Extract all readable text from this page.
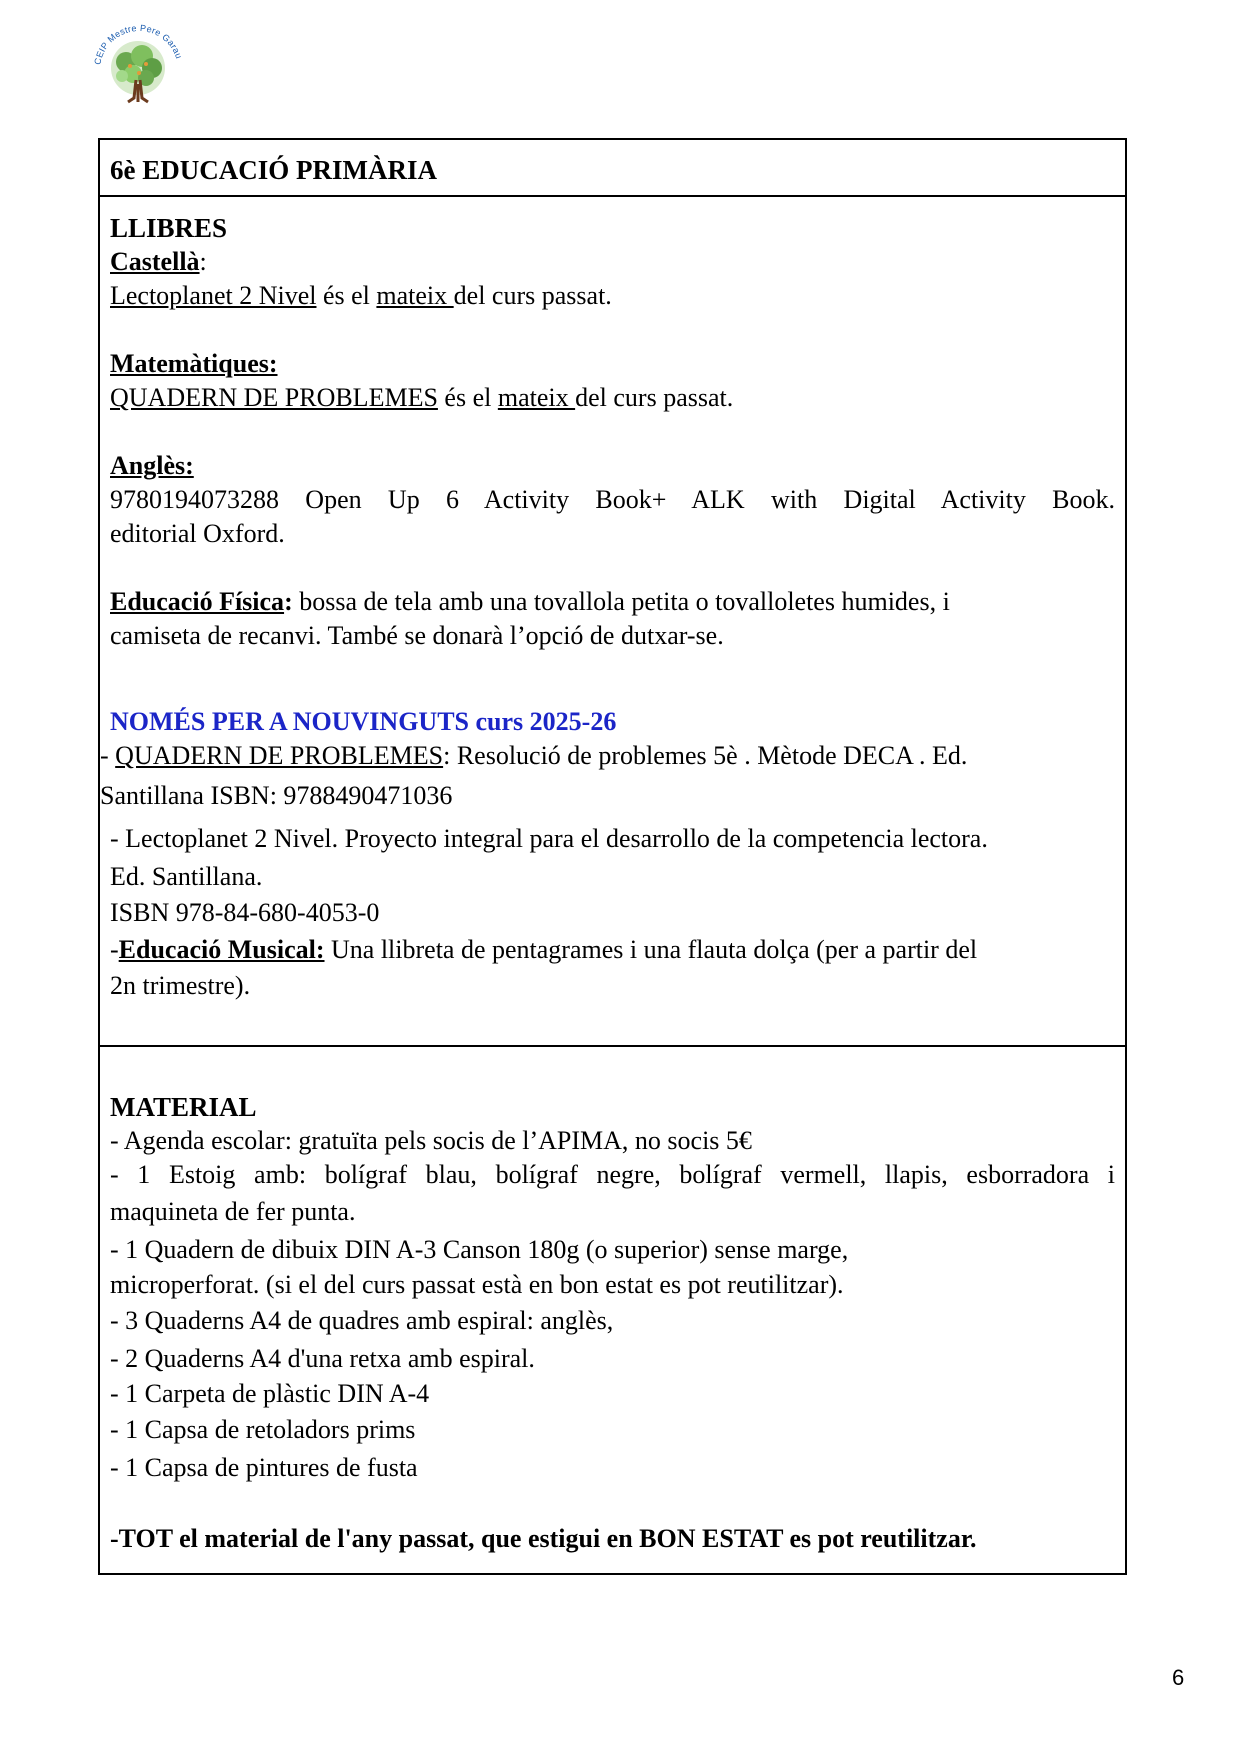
CEIP Mestre Pere Garau
6è EDUCACIÓ PRIMÀRIA
LLIBRES
Castellà:
Lectoplanet 2 Nivel és el mateix del curs passat.
Matemàtiques:
QUADERN DE PROBLEMES és el mateix del curs passat.
Anglès:
9780194073288 Open Up 6 Activity Book+ ALK with Digital Activity Book.
editorial Oxford.
Educació Física: bossa de tela amb una tovallola petita o tovalloletes humides, i
camiseta de recanvi. També se donarà l’opció de dutxar-se.
NOMÉS PER A NOUVINGUTS curs 2025-26
- QUADERN DE PROBLEMES: Resolució de problemes 5è . Mètode DECA . Ed.
Santillana ISBN: 9788490471036
- Lectoplanet 2 Nivel. Proyecto integral para el desarrollo de la competencia lectora.
Ed. Santillana.
ISBN 978-84-680-4053-0
-Educació Musical: Una llibreta de pentagrames i una flauta dolça (per a partir del
2n trimestre).
MATERIAL
- Agenda escolar: gratuïta pels socis de l’APIMA, no socis 5€
- 1 Estoig amb: bolígraf blau, bolígraf negre, bolígraf vermell, llapis, esborradora i
maquineta de fer punta.
- 1 Quadern de dibuix DIN A-3 Canson 180g (o superior) sense marge,
microperforat. (si el del curs passat està en bon estat es pot reutilitzar).
- 3 Quaderns A4 de quadres amb espiral: anglès,
- 2 Quaderns A4 d'una retxa amb espiral.
- 1 Carpeta de plàstic DIN A-4
- 1 Capsa de retoladors prims
- 1 Capsa de pintures de fusta
-TOT el material de l'any passat, que estigui en BON ESTAT es pot reutilitzar.
6
